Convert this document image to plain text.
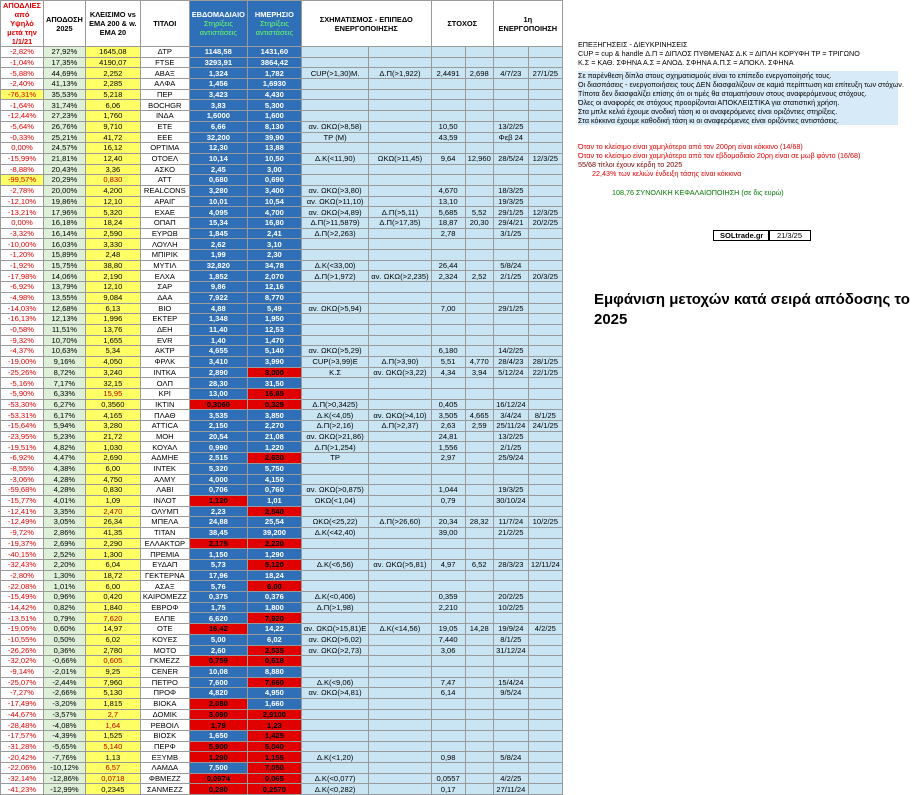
ΑΠΟΔΛΙΕΣ από Υψηλό μετά την 1/1/21	ΑΠΟΔΟΣΗ 2025	ΚΛΕΙΣΙΜΟ vs EMA 200 & w. EMA 20	ΤΙΤΛΟΙ	ΕΒΔΟΜΑΔΙΑΙΟ
Στηρίξεις αντιστάσεις	ΗΜΕΡΗΣΙΟ
Στηρίξεις αντιστάσεις	ΣΧΗΜΑΤΙΣΜΟΣ - ΕΠΙΠΕΔΟ ΕΝΕΡΓΟΠΟΙΗΣΗΣ		ΣΤΟΧΟΣ		1η ΕΝΕΡΓΟΠΟΙΗΣΗ	
-2,82%	27,92%	1645,08	ΔΤΡ	1148,58	1431,60						
-1,04%	17,35%	4190,07	FTSE	3293,91	3864,42						
-5,88%	44,69%	2,252	ΑΒΑΞ	1,324	1,782	CUP(>1,30)Μ.	Δ.Π(>1,922)	2,4491	2,698	4/7/23	27/1/25
-2,40%	41,13%	2,285	ΑΛΦΑ	1,456	1,6930						
-76,31%	35,53%	5,218	ΠΕΡ	3,423	4,430						
-1,64%	31,74%	6,06	BOCHGR	3,83	5,300						
-12,44%	27,23%	1,760	ΙΝΔΑ	1,6000	1,600						
-5,64%	26,76%	9,710	ΕΤΕ	6,66	8,130	αν. ΩΚΩ(>8,58)		10,50		13/2/25	
-0,33%	25,21%	41,72	ΕΕΕ	32,200	39,90	ΤΡ (Μ)		43,59		Φεβ 24	
0,00%	24,57%	16,12	OPTIMA	12,30	13,88						
-15,99%	21,81%	12,40	ΟΤΟΕΛ	10,14	10,50	Δ.Κ(<11,90)	ΩΚΩ(>11,45)	9,64	12,960	28/5/24	12/3/25
-8,88%	20,43%	3,36	ΑΣΚΟ	2,45	3,00						
-99,57%	20,29%	0,830	ΑΤΤ	0,680	0,690						
-2,78%	20,00%	4,200	REALCONS	3,280	3,400	αν. ΩΚΩ(>3,80)		4,670		18/3/25	
-12,10%	19,86%	12,10	ΑΡΑΙΓ	10,01	10,54	αν. ΩΚΩ(>11,10)		13,10		19/3/25	
-13,21%	17,96%	5,320	ΕΧΑΕ	4,095	4,700	αν. ΩΚΩ(>4,89)	Δ.Π(>5,11)	5,685	5,52	29/1/25	12/3/25
0,00%	16,18%	18,24	ΟΠΑΠ	15,34	16,80	Δ.Π(>11,5879)	Δ.Π(>17,35)	18,87	20,30	29/4/21	20/2/25
-3,32%	16,14%	2,590	ΕΥΡΩΒ	1,845	2,41	Δ.Π(>2,263)		2,78		3/1/25	
-10,00%	16,03%	3,330	ΛΟΥΛΗ	2,62	3,10						
-1,20%	15,89%	2,48	ΜΠΙΡΙΚ	1,99	2,30						
-1,92%	15,75%	38,80	ΜΥΤΙΛ	32,820	34,78	Δ.Κ(<33,00)		26,44		5/8/24	
-17,98%	14,06%	2,190	ΕΛΧΑ	1,852	2,070	Δ.Π(>1,972)	αν. ΩΚΩ(>2,235)	2,324	2,52	2/1/25	20/3/25
-6,92%	13,79%	12,10	ΣΑΡ	9,86	12,16						
-4,98%	13,55%	9,084	ΔΑΑ	7,922	8,770						
-14,03%	12,68%	6,13	ΒΙΟ	4,88	5,49	αν. ΩΚΩ(>5,94)		7,00		29/1/25	
-16,13%	12,13%	1,996	ΕΚΤΕΡ	1,348	1,950						
-0,58%	11,51%	13,76	ΔΕΗ	11,40	12,53						
-9,32%	10,70%	1,655	EVR	1,40	1,470						
-4,37%	10,63%	5,34	ΑΚΤΡ	4,655	5,140	αν. ΩΚΩ(>5,29)		6,180		14/2/25	
-19,00%	9,16%	4,050	ΦΡΛΚ	3,410	3,990	CUP(>3,99)Ε	Δ.Π(>3,90)	5,51	4,770	28/4/23	28/1/25
-25,26%	8,72%	3,240	ΙΝΤΚΑ	2,890	3,000	Κ.Σ	αν. ΩΚΩ(>3,22)	4,34	3,94	5/12/24	22/1/25
-5,16%	7,17%	32,15	ΟΛΠ	28,30	31,50						
-5,90%	6,33%	15,95	ΚΡΙ	13,00	16,85						
-53,30%	6,27%	0,3560	ΙΚΤΙΝ	0,3060	0,325	Δ.Π(>0,3425)		0,405		16/12/24	
-53,31%	6,17%	4,165	ΠΛΑΘ	3,535	3,850	Δ.Κ(<4,05)	αν. ΩΚΩ(>4,10)	3,505	4,665	3/4/24	8/1/25
-15,64%	5,94%	3,280	ATTICA	2,150	2,270	Δ.Π(>2,16)	Δ.Π(>2,37)	2,63	2,59	25/11/24	24/1/25
-23,95%	5,23%	21,72	ΜΟΗ	20,54	21,08	αν. ΩΚΩ(>21,86)		24,81		13/2/25	
-19,51%	4,82%	1,030	ΚΟΥΑΛ	0,990	1,220	Δ.Π(>1,254)		1,556		2/1/25	
-6,92%	4,47%	2,690	ΑΔΜΗΕ	2,515	2,630	ΤΡ		2,97		25/9/24	
-8,55%	4,38%	6,00	ΙΝΤΕΚ	5,320	5,750						
-3,06%	4,28%	4,750	ΑΛΜΥ	4,000	4,150						
-59,68%	4,28%	0,830	ΛΑΒΙ	0,706	0,760	αν. ΩΚΩ(>0,875)		1,044		19/3/25	
-15,77%	4,01%	1,09	ΙΝΛΟΤ	1,120	1,01	ΩΚΩ(<1,04)		0,79		30/10/24	
-12,41%	3,35%	2,470	ΟΛΥΜΠ	2,23	2,540						
-12,49%	3,05%	26,34	ΜΠΕΛΑ	24,88	25,54	ΩΚΩ(<25,22)	Δ.Π(>26,60)	20,34	28,32	11/7/24	10/2/25
-9,72%	2,86%	41,35	ΤΙΤΑΝ	38,45	39,200	Δ.Κ(<42,40)		39,00		21/2/25	
-19,37%	2,69%	2,290	ΕΛΛΑΚΤΩΡ	2,175	2,230						
-40,15%	2,52%	1,300	ΠΡΕΜΙΑ	1,150	1,290						
-32,43%	2,20%	6,04	ΕΥΔΑΠ	5,73	5,120	Δ.Κ(<6,56)	αν. ΩΚΩ(>5,81)	4,97	6,52	28/3/23	12/11/24
-2,80%	1,30%	18,72	ΓΕΚΤΕΡΝΑ	17,96	18,24						
-22,08%	1,01%	6,00	ΑΣΑΞ	5,76	6,00						
-15,49%	0,96%	0,420	ΚΑΙΡΟΜΕΖΖ	0,375	0,376	Δ.Κ(<0,406)		0,359		20/2/25	
-14,42%	0,82%	1,840	ΕΒΡΟΦ	1,75	1,800	Δ.Π(>1,98)		2,210		10/2/25	
-13,51%	0,79%	7,620	ΕΛΠΕ	6,620	7,920						
-19,05%	0,60%	14,97	ΟΤΕ	16,42	14,22	αν. ΩΚΩ(>15,81)Ε	Δ.Κ(<14,56)	19,05	14,28	19/9/24	4/2/25
-10,55%	0,50%	6,02	ΚΟΥΕΣ	5,00	6,02	αν. ΩΚΩ(>6,02)		7,440		8/1/25	
-26,26%	0,36%	2,780	ΜΟΤΟ	2,60	2,535	αν. ΩΚΩ(>2,73)		3,06		31/12/24	
-32,02%	-0,66%	0,605	ΓΚΜΕΖΖ	0,759	0,618						
-9,14%	-2,01%	9,25	CENER	10,08	8,880						
-25,07%	-2,44%	7,960	ΠΕΤΡΟ	7,600	7,660	Δ.Κ(<9,06)		7,47		15/4/24	
-7,27%	-2,66%	5,130	ΠΡΟΦ	4,820	4,950	αν. ΩΚΩ(>4,81)		6,14		9/5/24	
-17,49%	-3,20%	1,815	ΒΙΟΚΑ	2,080	1,660						
-44,67%	-3,57%	2,7	ΔΟΜΙΚ	3,090	2,9100						
-28,48%	-4,08%	1,64	ΡΕΒΟΙΛ	1,79	1,23						
-17,57%	-4,39%	1,525	ΒΙΟΣΚ	1,650	1,425						
-31,28%	-5,65%	5,140	ΠΕΡΦ	5,900	5,040						
-20,42%	-7,76%	1,13	ΕΞΥΜΒ	1,290	1,155	Δ.Κ(<1,20)		0,98		5/8/24	
-22,06%	-10,12%	6,57	ΛΑΜΔΑ	7,500	7,050						
-32,14%	-12,86%	0,0718	ΦΒΜΕΖΖ	0,0974	0,065	Δ.Κ(<0,077)		0,0557		4/2/25	
-41,23%	-12,99%	0,2345	ΣΑΝΜΕΖΖ	0,280	0,2570	Δ.Κ(<0,282)		0,17		27/11/24	
ΕΠΕΞΗΓΗΣΕΙΣ - ΔΙΕΥΚΡΙΝΗΣΕΙΣ
CUP = cup & handle Δ.Π = ΔΙΠΛΟΣ ΠΥΘΜΕΝΑΣ Δ.Κ = ΔΙΠΛΗ ΚΟΡΥΦΗ TP = ΤΡΙΓΩΝΟ
Κ.Σ = ΚΑΘ. ΣΦΗΝΑ Α.Σ = ΑΝΟΔ. ΣΦΗΝΑ Α.Π.Σ = ΑΠΟΚΛ. ΣΦΗΝΑ
Σε παρένθεση δίπλα στους σχηματισμούς είναι το επίπεδο ενεργοποίησής τους.
Οι διασπάσεις - ενεργοποιήσεις τους ΔΕΝ διασφαλίζουν σε καμιά περίπτωση και επίτευξη των στόχων.
Τίποτα δεν διασφαλίζει επίσης ότι οι τιμές θα σταματήσουν στους αναφερόμενους στόχους.
Όλες οι αναφορές σε στόχους προορίζονται ΑΠΟΚΛΕΙΣΤΙΚΑ για στατιστική χρήση.
Στα μπλε κελιά έχουμε ανοδική τάση κι οι αναφερόμενες είναι οριζόντιες στηρίξεις.
Στα κόκκινα έχουμε καθοδική τάση κι οι αναφερόμενες είναι οριζόντιες αντιστάσεις.
Όταν το κλείσιμο είναι χαμηλότερο από τον 200ρη είναι κόκκινο (14/68)
Όταν το κλείσιμο είναι χαμηλότερο από τον εβδομαδιαίο 20ρη είναι σε μωβ φόντο (16/68)
55/68 τίτλοι έχουν κέρδη το 2025
22,43% των κελιών ένδειξη τάσης είναι κόκκινα
108,76 ΣΥΝΟΛΙΚΗ ΚΕΦΑΛΑΙΟΠΟΙΗΣΗ (σε δις ευρώ)
SOLtrade.gr	21/3/25
Εμφάνιση μετοχών κατά σειρά απόδοσης το 2025
